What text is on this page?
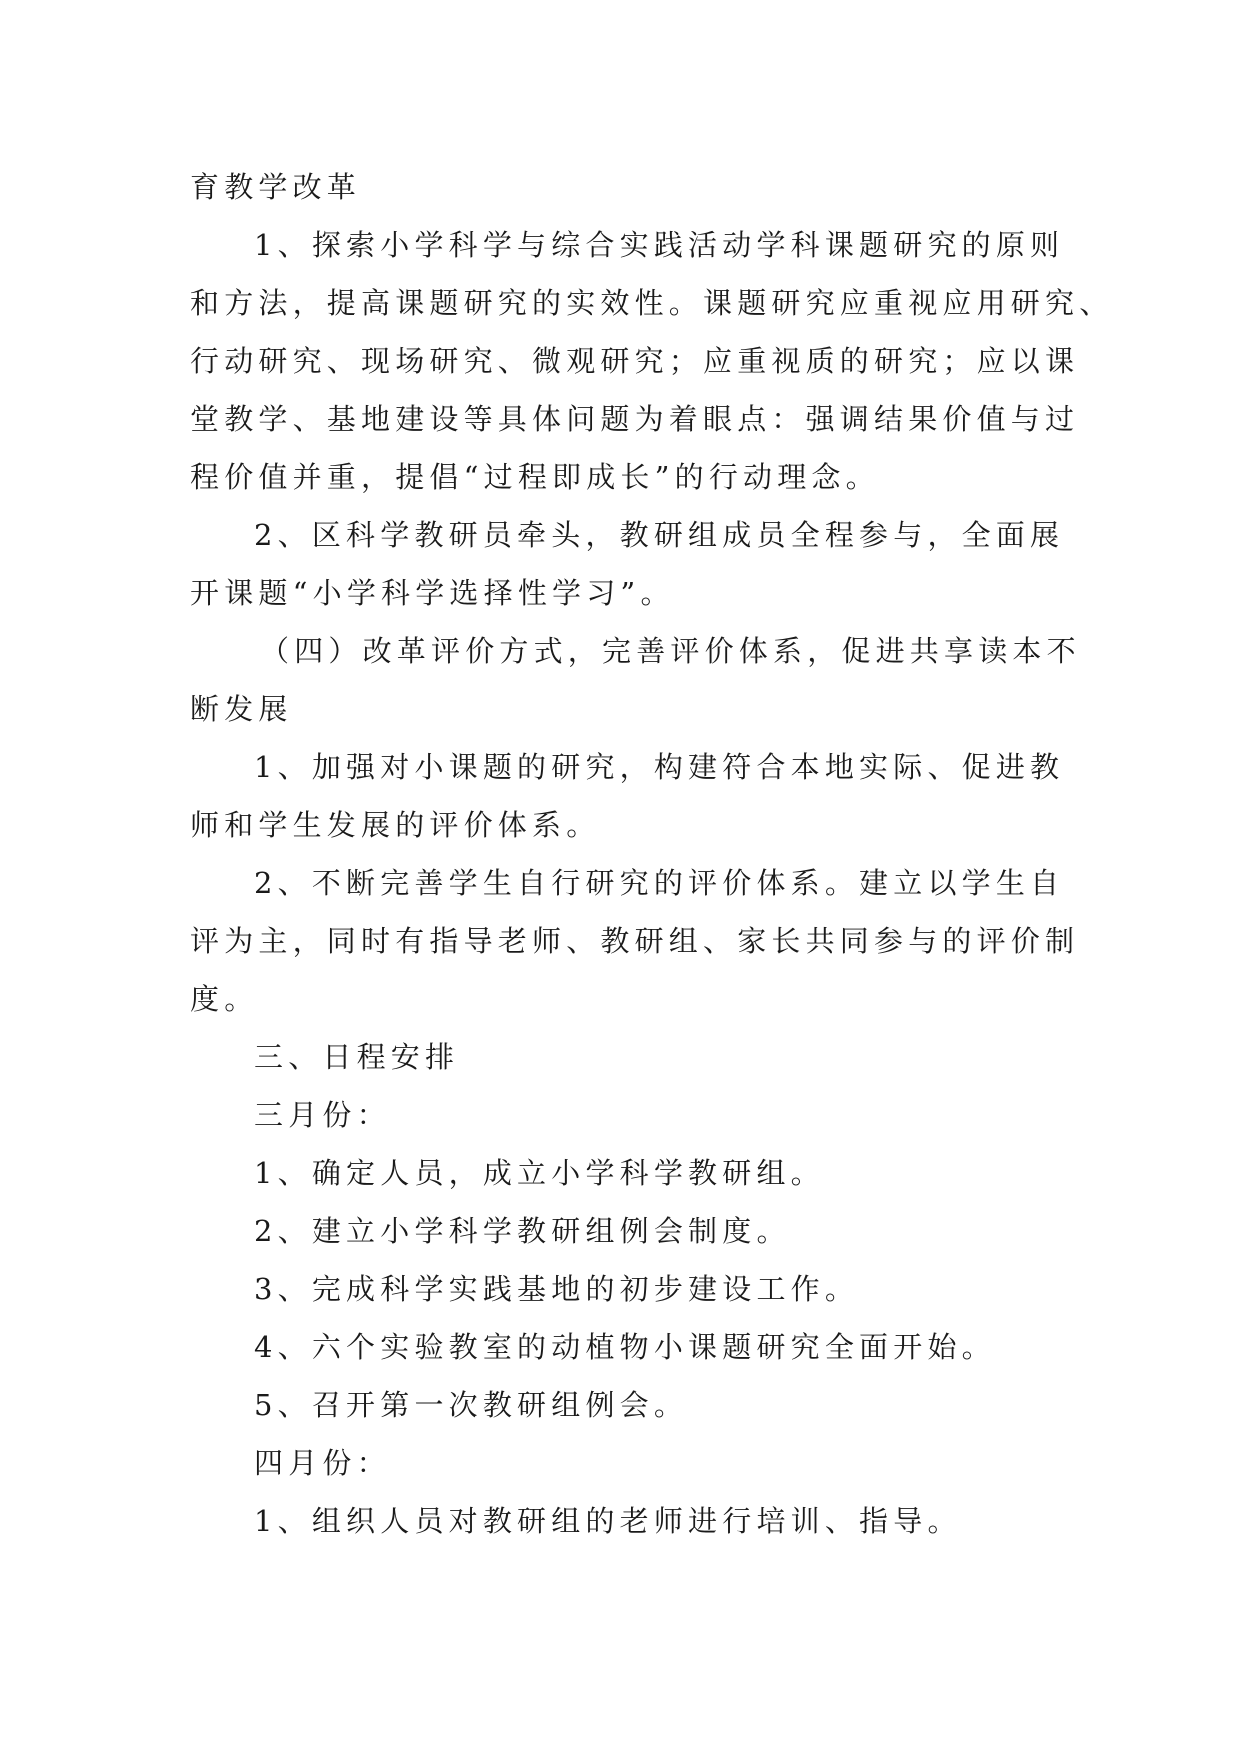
育教学改革
1、探索小学科学与综合实践活动学科课题研究的原则
和方法，提高课题研究的实效性。课题研究应重视应用研究、
行动研究、现场研究、微观研究；应重视质的研究；应以课
堂教学、基地建设等具体问题为着眼点：强调结果价值与过
程价值并重，提倡“过程即成长”的行动理念。
2、区科学教研员牵头，教研组成员全程参与，全面展
开课题“小学科学选择性学习”。
（四）改革评价方式，完善评价体系，促进共享读本不
断发展
1、加强对小课题的研究，构建符合本地实际、促进教
师和学生发展的评价体系。
2、不断完善学生自行研究的评价体系。建立以学生自
评为主，同时有指导老师、教研组、家长共同参与的评价制
度。
三、日程安排
三月份：
1、确定人员，成立小学科学教研组。
2、建立小学科学教研组例会制度。
3、完成科学实践基地的初步建设工作。
4、六个实验教室的动植物小课题研究全面开始。
5、召开第一次教研组例会。
四月份：
1、组织人员对教研组的老师进行培训、指导。
